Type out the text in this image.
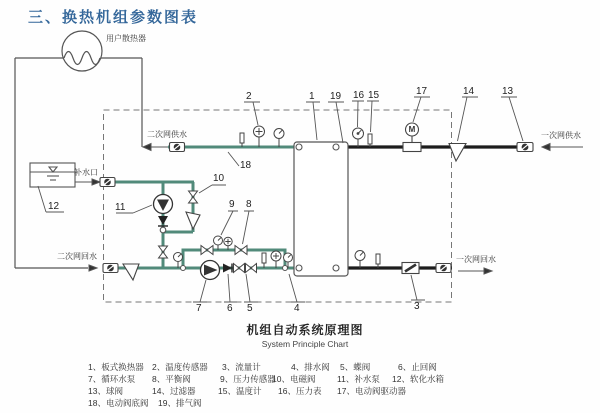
三、换热机组参数图表
用户散热器
二次网供水
二次网回水
补水口
一次网供水
一次网回水
M
2	1 19 16 15	17	14	13
18
12	11
10
9 8
7	6 5	4	3
机组自动系统原理图
System Principle Chart
1、板式换热器 2、温度传感器 3、流量计	4、排水阀 5、蝶阀	6、止回阀
7、循环水泵 8、平衡阀	9、压力传感器
10、电磁阀	11、补水泵 12、软化水箱
13、球阀	14、过滤器	15、温度计 16、压力表 17、电动阀驱动器
18、电动阀底阀 19、排气阀
